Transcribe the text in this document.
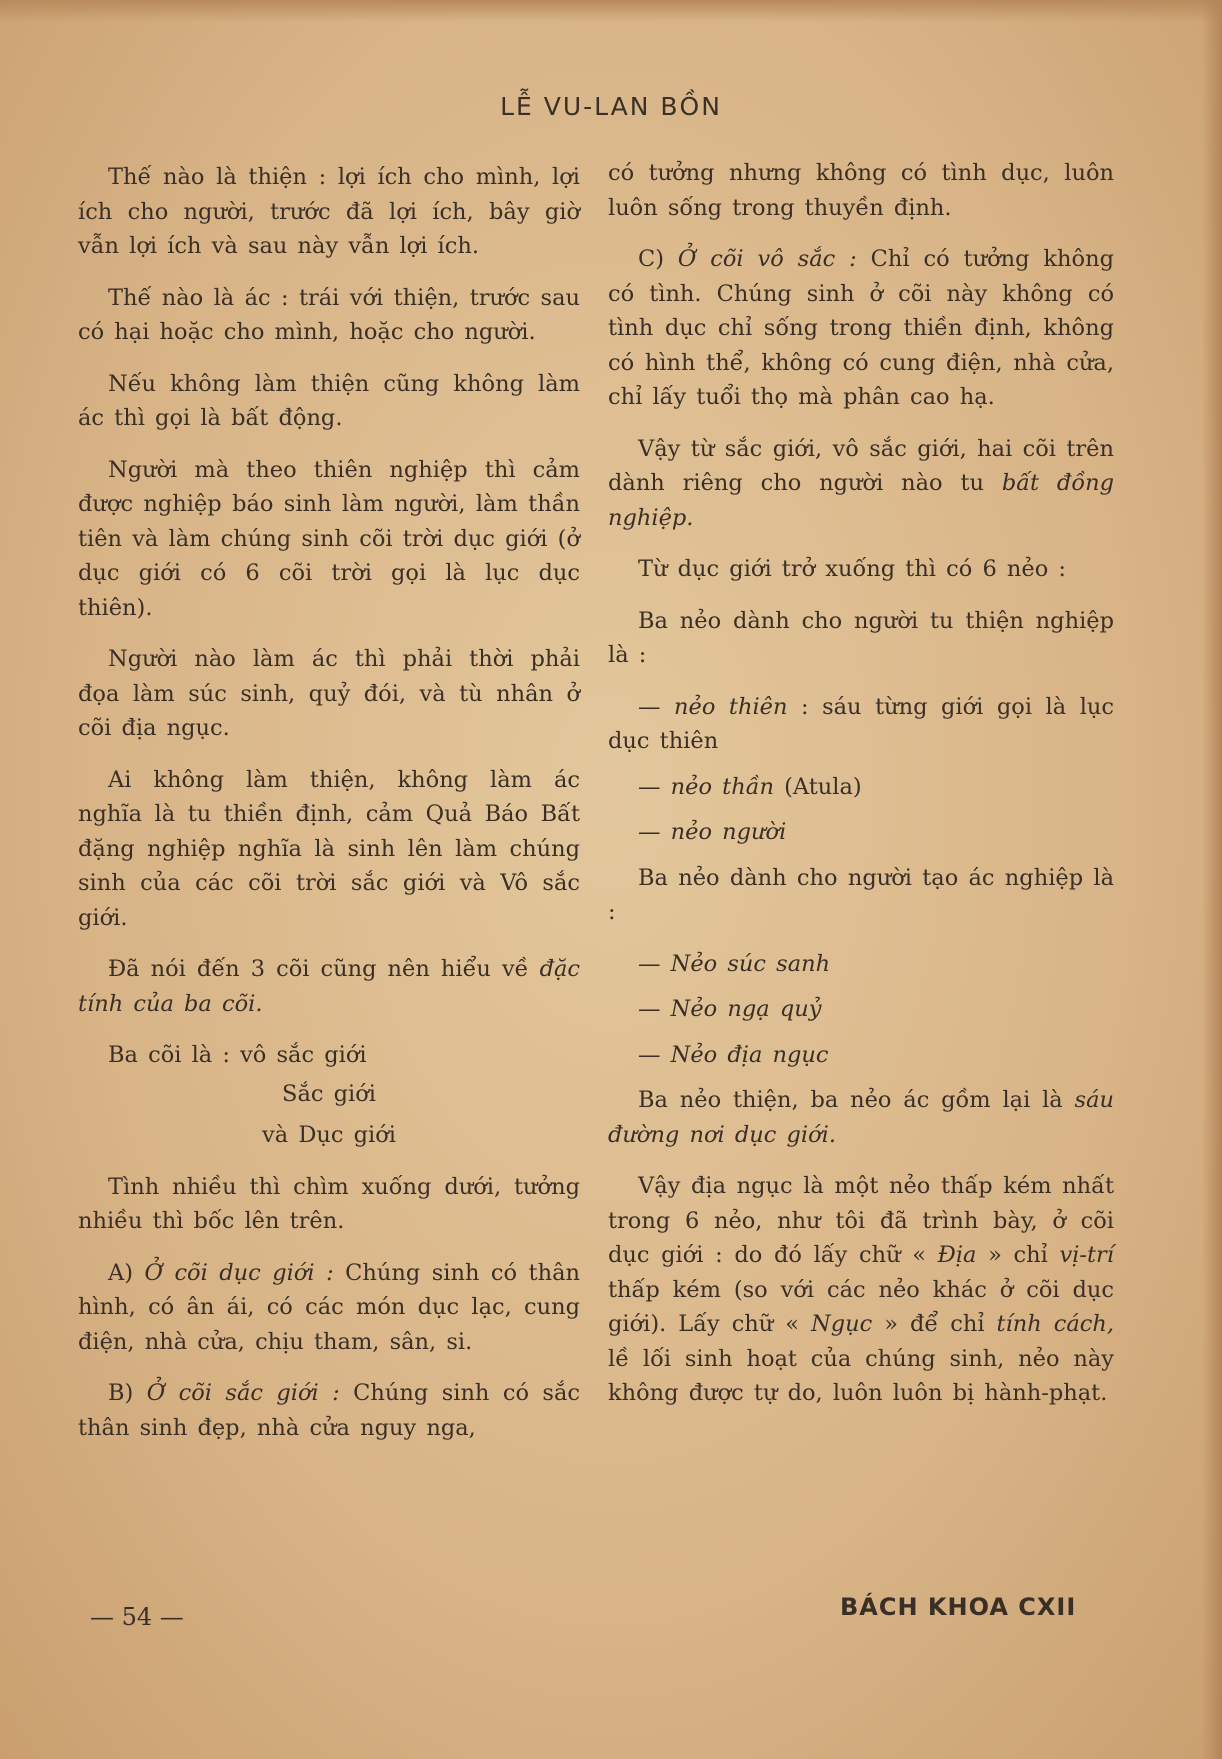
LỄ VU-LAN BỒN

Thế nào là thiện : lợi ích cho mình, lợi ích cho người, trước đã lợi ích, bây giờ vẫn lợi ích và sau này vẫn lợi ích.

Thế nào là ác : trái với thiện, trước sau có hại hoặc cho mình, hoặc cho người.

Nếu không làm thiện cũng không làm ác thì gọi là bất động.

Người mà theo thiên nghiệp thì cảm được nghiệp báo sinh làm người, làm thần tiên và làm chúng sinh cõi trời dục giới (ở dục giới có 6 cõi trời gọi là lục dục thiên).

Người nào làm ác thì phải thời phải đọa làm súc sinh, quỷ đói, và tù nhân ở cõi địa ngục.

Ai không làm thiện, không làm ác nghĩa là tu thiền định, cảm Quả Báo Bất đặng nghiệp nghĩa là sinh lên làm chúng sinh của các cõi trời sắc giới và Vô sắc giới.

Đã nói đến 3 cõi cũng nên hiểu về đặc tính của ba cõi.

Ba cõi là : vô sắc giới

Sắc giới

và Dục giới

Tình nhiều thì chìm xuống dưới, tưởng nhiều thì bốc lên trên.

A) Ở cõi dục giới : Chúng sinh có thân hình, có ân ái, có các món dục lạc, cung điện, nhà cửa, chịu tham, sân, si.

B) Ở cõi sắc giới : Chúng sinh có sắc thân sinh đẹp, nhà cửa nguy nga,

có tưởng nhưng không có tình dục, luôn luôn sống trong thuyền định.

C) Ở cõi vô sắc : Chỉ có tưởng không có tình. Chúng sinh ở cõi này không có tình dục chỉ sống trong thiền định, không có hình thể, không có cung điện, nhà cửa, chỉ lấy tuổi thọ mà phân cao hạ.

Vậy từ sắc giới, vô sắc giới, hai cõi trên dành riêng cho người nào tu bất đồng nghiệp.

Từ dục giới trở xuống thì có 6 nẻo :

Ba nẻo dành cho người tu thiện nghiệp là :

— nẻo thiên : sáu từng giới gọi là lục dục thiên

— nẻo thần (Atula)

— nẻo người

Ba nẻo dành cho người tạo ác nghiệp là :

— Nẻo súc sanh

— Nẻo ngạ quỷ

— Nẻo địa ngục

Ba nẻo thiện, ba nẻo ác gồm lại là sáu đường nơi dục giới.

Vậy địa ngục là một nẻo thấp kém nhất trong 6 nẻo, như tôi đã trình bày, ở cõi dục giới : do đó lấy chữ « Địa » chỉ vị-trí thấp kém (so với các nẻo khác ở cõi dục giới). Lấy chữ « Ngục » để chỉ tính cách, lề lối sinh hoạt của chúng sinh, nẻo này không được tự do, luôn luôn bị hành-phạt.

— 54 —	BÁCH KHOA CXII
